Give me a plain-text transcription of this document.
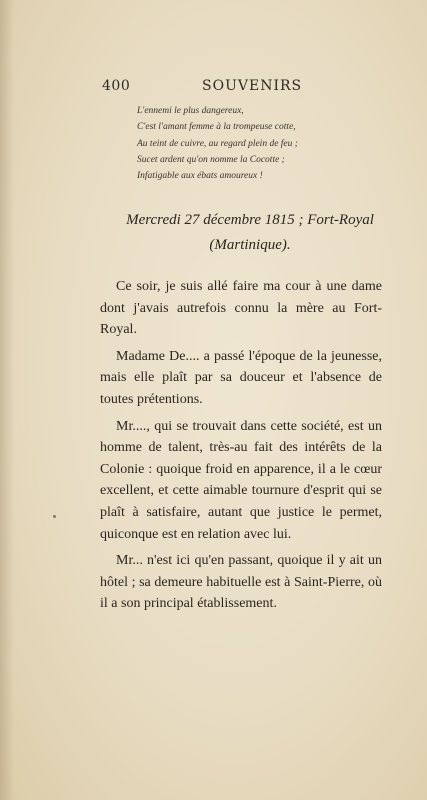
400	SOUVENIRS
L'ennemi le plus dangereux,
C'est l'amant femme à la trompeuse cotte,
Au teint de cuivre, au regard plein de feu ;
Sucet ardent qu'on nomme la Cocotte ;
Infatigable aux ébats amoureux !
Mercredi 27 décembre 1815 ; Fort-Royal
(Martinique).

Ce soir, je suis allé faire ma cour à une dame dont j'avais autrefois connu la mère au Fort-Royal.

Madame De.... a passé l'époque de la jeunesse, mais elle plaît par sa douceur et l'absence de toutes prétentions.

Mr...., qui se trouvait dans cette société, est un homme de talent, très-au fait des intérêts de la Colonie : quoique froid en apparence, il a le cœur excellent, et cette aimable tournure d'esprit qui se plaît à satisfaire, autant que justice le permet, quiconque est en relation avec lui.

Mr... n'est ici qu'en passant, quoique il y ait un hôtel ; sa demeure habituelle est à Saint-Pierre, où il a son principal établissement.
